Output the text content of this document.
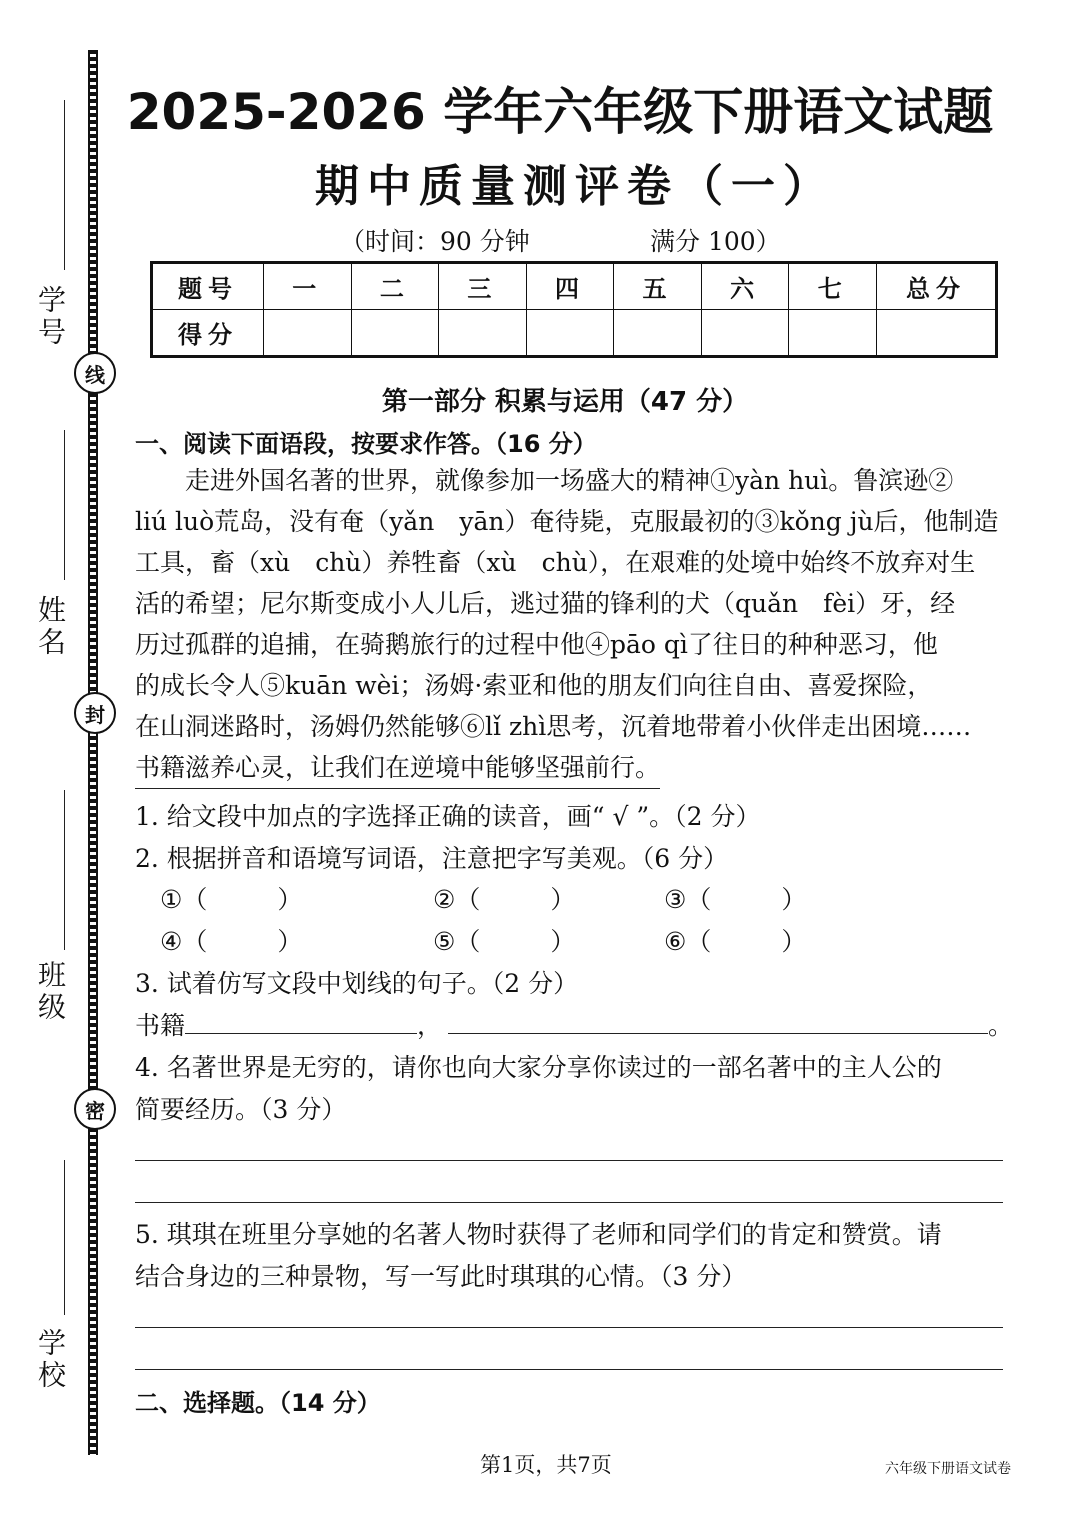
学号
姓名
班级
学校
线
封
密
2025-2026 学年六年级下册语文试题
期中质量测评卷（一）
（时间：90 分钟	满分 100）
题号	一	二	三	四	五	六	七	总分
得分								
第一部分 积累与运用（47 分）
一、阅读下面语段，按要求作答。（16 分）
　　走进外国名著的世界，就像参加一场盛大的精神①yàn huì。鲁滨逊②
liú luò荒岛，没有奄（yǎn　yān）奄待毙，克服最初的③kǒng jù后，他制造
工具，畜（xù　chù）养牲畜（xù　chù），在艰难的处境中始终不放弃对生
活的希望；尼尔斯变成小人儿后，逃过猫的锋利的犬（quǎn　fèi）牙，经
历过孤群的追捕，在骑鹅旅行的过程中他④pāo qì了往日的种种恶习，他
的成长令人⑤kuān wèi；汤姆·索亚和他的朋友们向往自由、喜爱探险，
在山洞迷路时，汤姆仍然能够⑥lǐ zhì思考，沉着地带着小伙伴走出困境……
书籍滋养心灵，让我们在逆境中能够坚强前行。
1. 给文段中加点的字选择正确的读音，画“ √ ”。（2 分）
2. 根据拼音和语境写词语，注意把字写美观。（6 分）
①（	）	②（	）	③（	）
④（	）	⑤（	）	⑥（	）
3. 试着仿写文段中划线的句子。（2 分）
书籍	，	。
4. 名著世界是无穷的，请你也向大家分享你读过的一部名著中的主人公的
简要经历。（3 分）
5. 琪琪在班里分享她的名著人物时获得了老师和同学们的肯定和赞赏。请
结合身边的三种景物，写一写此时琪琪的心情。（3 分）
二、选择题。（14 分）
第1页，共7页	六年级下册语文试卷
